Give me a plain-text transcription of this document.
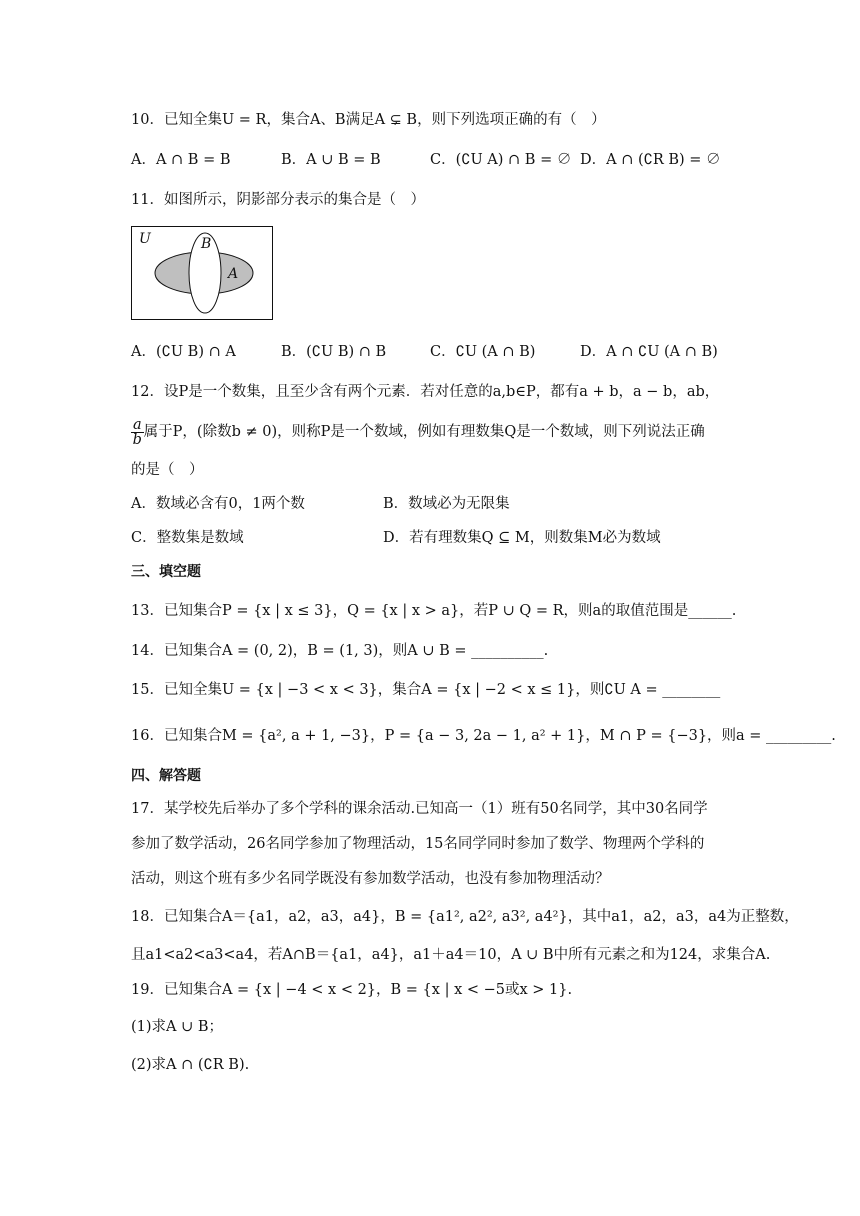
10．已知全集U = R，集合A、B满足A ⊊ B，则下列选项正确的有（　）
A．A ∩ B = B	B．A ∪ B = B	C．(∁U A) ∩ B = ∅ D．A ∩ (∁R B) = ∅
11．如图所示，阴影部分表示的集合是（　）
U	B
A
A．(∁U B) ∩ A	B．(∁U B) ∩ B	C．∁U (A ∩ B)	D．A ∩ ∁U (A ∩ B)
12．设P是一个数集，且至少含有两个元素．若对任意的a,b∈P，都有a + b，a − b，ab，
$\frac{a}{b}$ 属于P，(除数b ≠ 0)，则称P是一个数域，例如有理数集Q是一个数域，则下列说法正确
的是（　）
A．数域必含有0，1两个数	B．数域必为无限集
C．整数集是数域	D．若有理数集Q ⊆ M，则数集M必为数域
三、填空题
13．已知集合P = {x | x ≤ 3}，Q = {x | x > a}，若P ∪ Q = R，则a的取值范围是______.
14．已知集合A = (0, 2)，B = (1, 3)，则A ∪ B = __________.
15．已知全集U = {x | −3 < x < 3}，集合A = {x | −2 < x ≤ 1}，则∁U A = ________
16．已知集合M = {a², a + 1, −3}，P = {a − 3, 2a − 1, a² + 1}，M ∩ P = {−3}，则a = _________.
四、解答题
17．某学校先后举办了多个学科的课余活动.已知高一（1）班有50名同学，其中30名同学
参加了数学活动，26名同学参加了物理活动，15名同学同时参加了数学、物理两个学科的
活动，则这个班有多少名同学既没有参加数学活动，也没有参加物理活动？
18．已知集合A＝{a1，a2，a3，a4}，B = {a1², a2², a3², a4²}，其中a1，a2，a3，a4为正整数，
且a1<a2<a3<a4，若A∩B＝{a1，a4}，a1＋a4＝10，A ∪ B中所有元素之和为124，求集合A.
19．已知集合A = {x | −4 < x < 2}，B = {x | x < −5或x > 1}.
(1)求A ∪ B；
(2)求A ∩ (∁R B).
